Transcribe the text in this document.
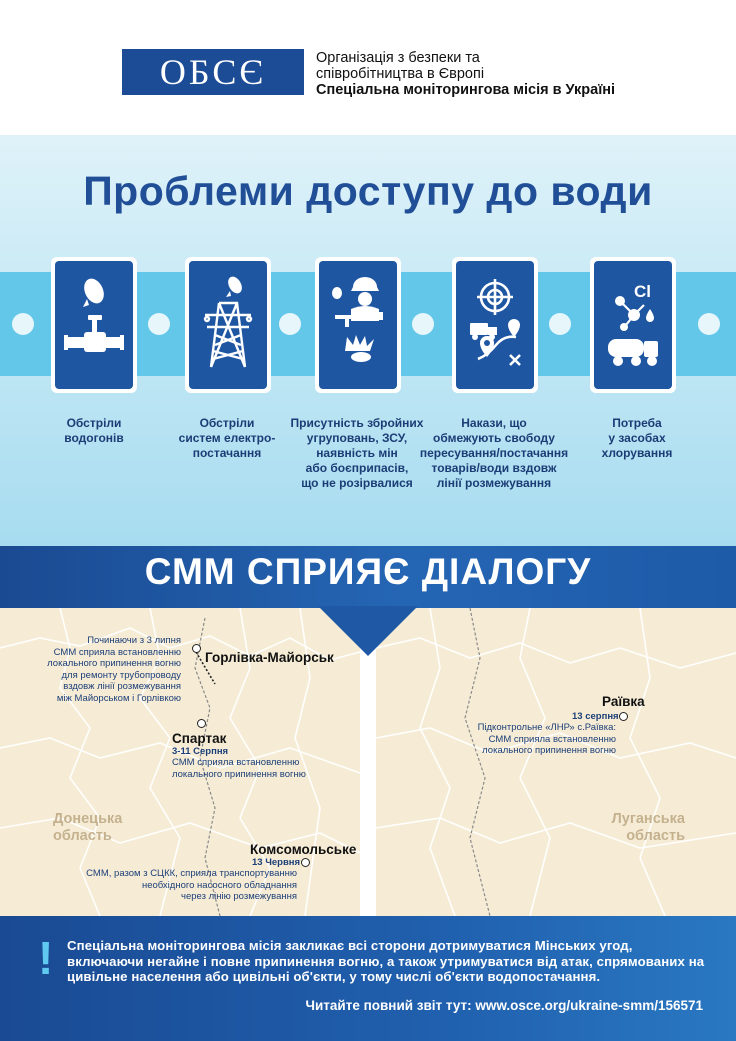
ОБСЄ	Організація з безпеки та
співробітництва в Європі
Спеціальна моніторингова місія в Україні
Проблеми доступу до води
Cl
Обстріли
водогонів
Обстріли
систем електро-
постачання
Присутність збройних
угруповань, ЗСУ,
наявність мін
або боєприпасів,
що не розірвалися
Накази, що
обмежують свободу
пересування/постачання
товарів/води вздовж
лінії розмежування
Потреба
у засобах
хлорування
СММ СПРИЯЄ ДІАЛОГУ
Починаючи з 3 липня
СММ сприяла встановленню
локального припинення вогню
для ремонту трубопроводу
вздовж лінії розмежування
між Майорськом і Горлівкою
Горлівка-Майорськ
Спартак
3-11 Серпня
СММ сприяла встановленню
локального припинення вогню
Донецька
область
Комсомольське
13 Червня
СММ, разом з СЦКК, сприяла транспортуванню
необхідного насосного обладнання
через лінію розмежування
Раївка
13 серпня
Підконтрольне «ЛНР» с.Раївка:
СММ сприяла встановленню
локального припинення вогню
Луганська
область
! Спеціальна моніторингова місія закликає всі сторони дотримуватися Мінських угод,
включаючи негайне і повне припинення вогню, а також утримуватися від атак, спрямованих на
цивільне населення або цивільні об'єкти, у тому числі об'єкти водопостачання.
Читайте повний звіт тут: www.osce.org/ukraine-smm/156571
